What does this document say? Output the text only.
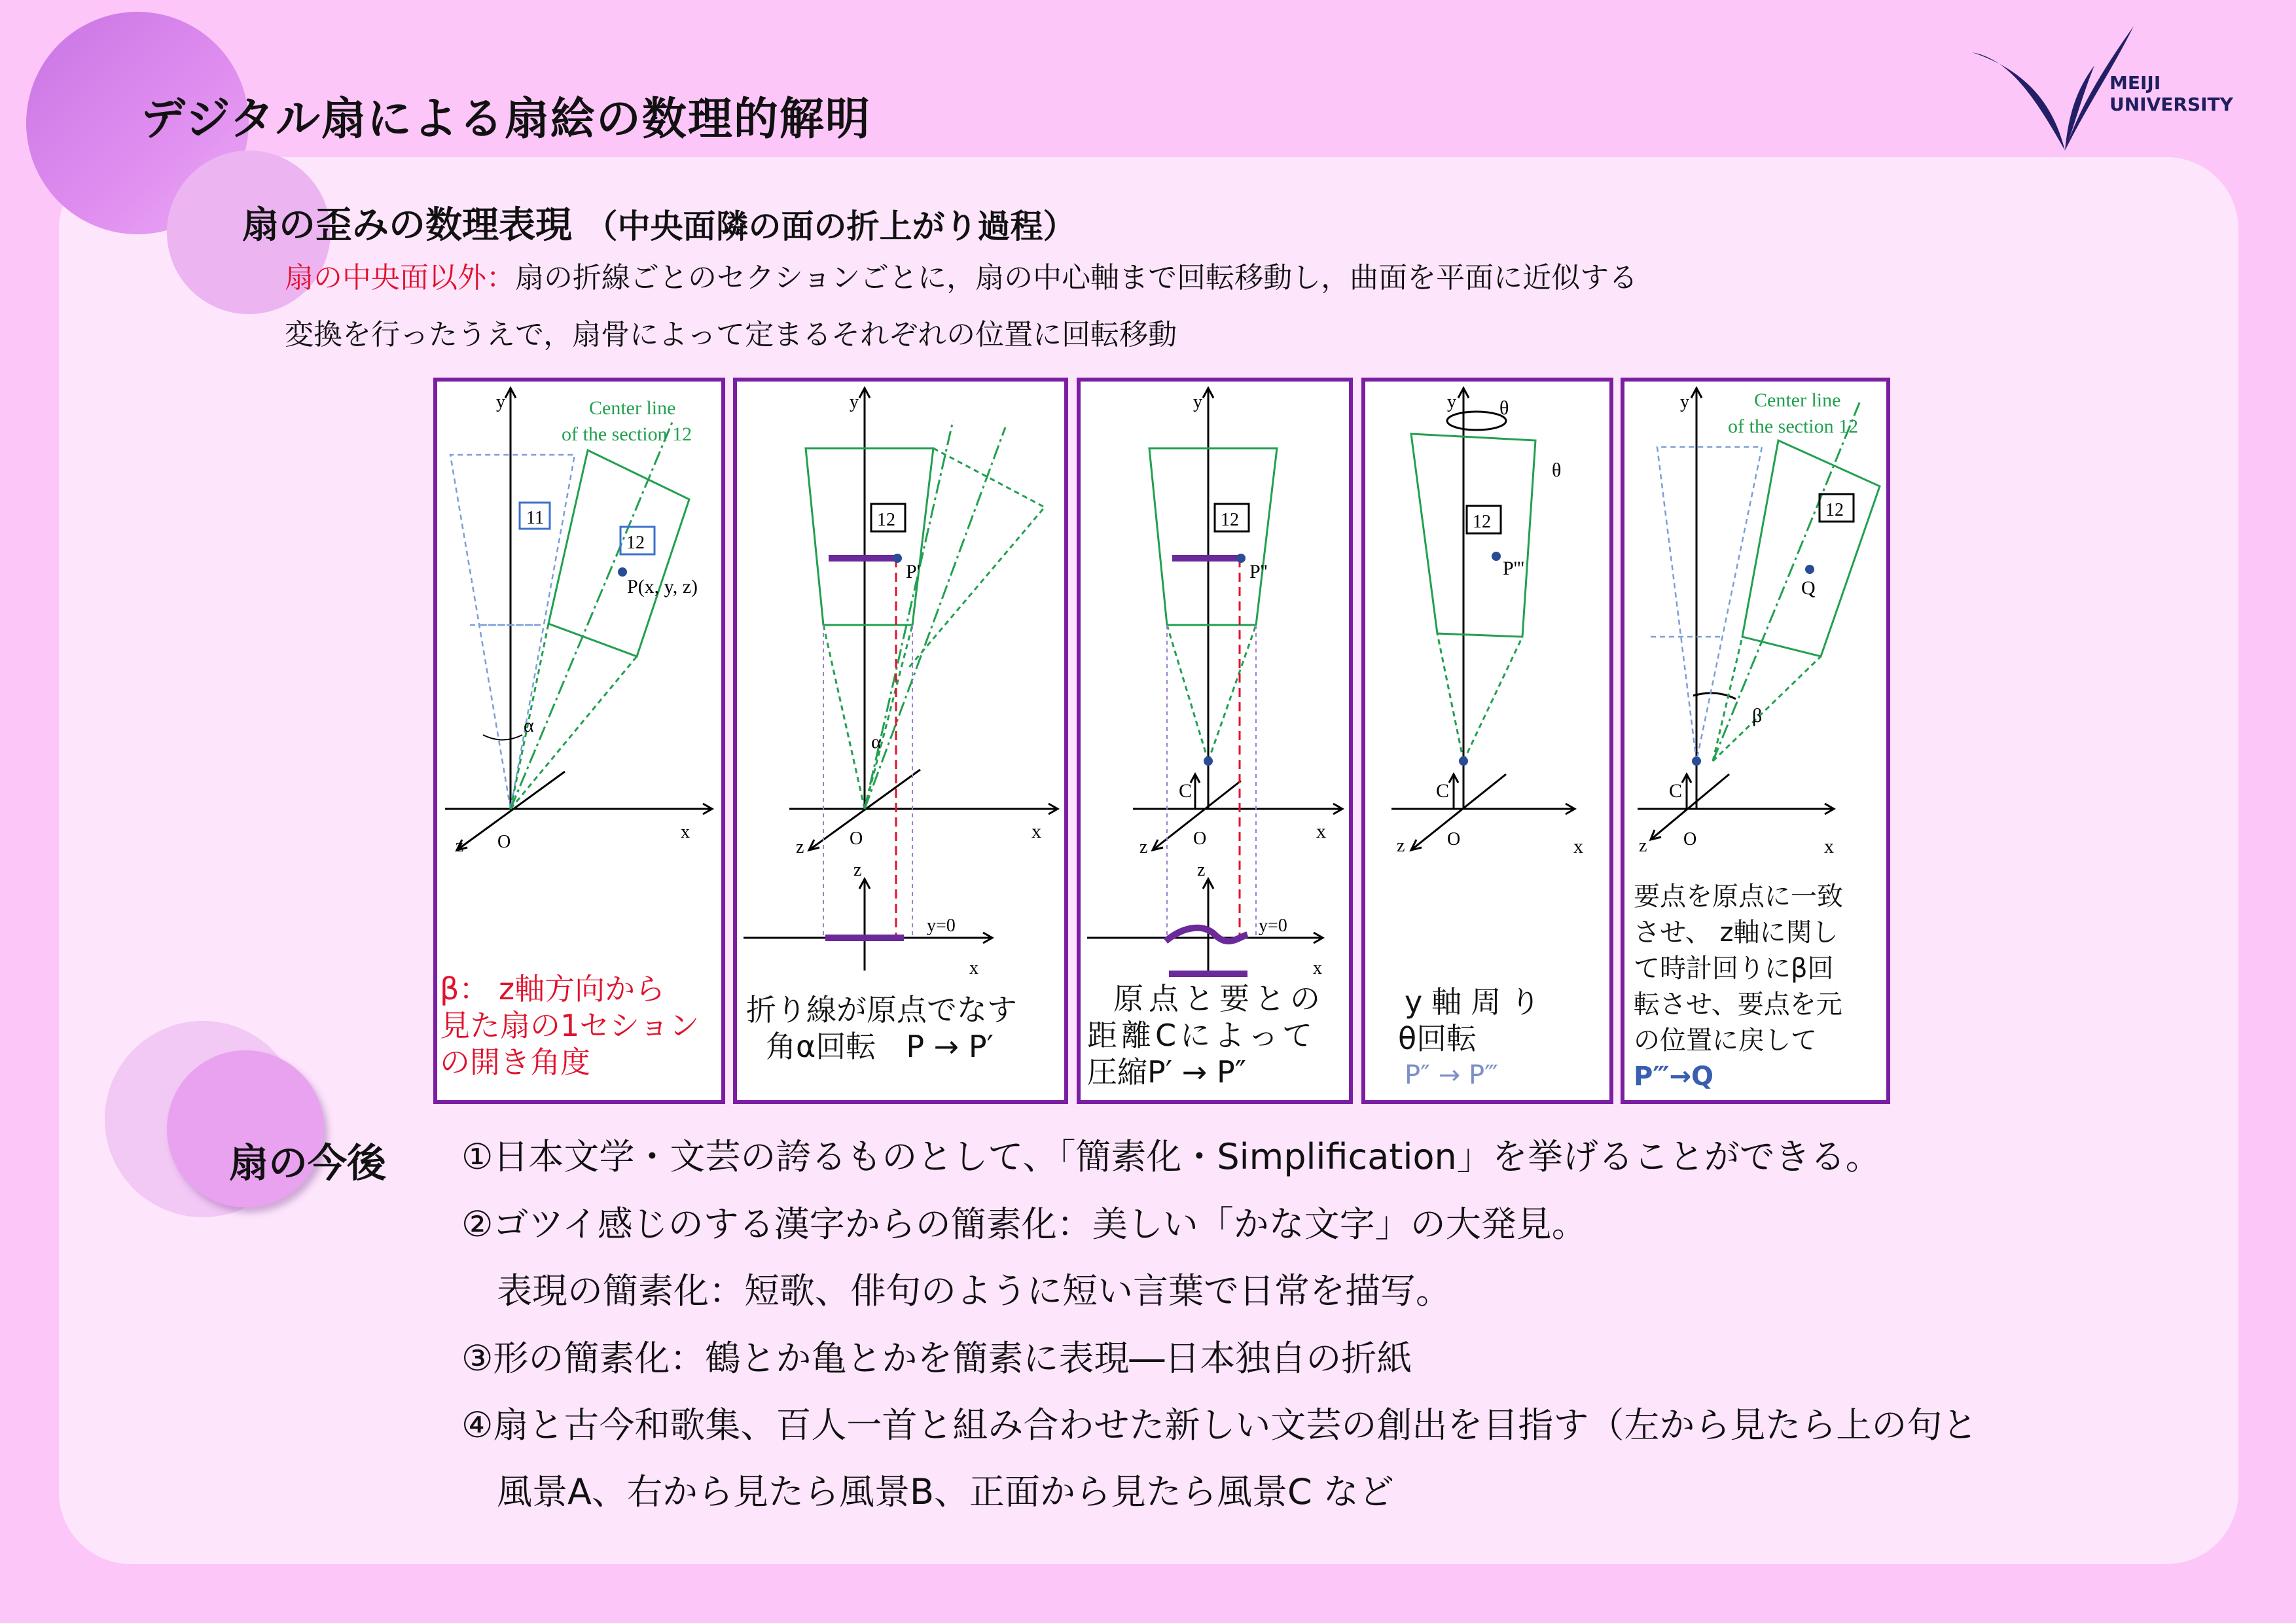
デジタル扇による扇絵の数理的解明
MEIJI
UNIVERSITY
扇の歪みの数理表現 （中央面隣の面の折上がり過程）
扇の中央面以外：扇の折線ごとのセクションごとに，扇の中心軸まで回転移動し，曲面を平面に近似する
変換を行ったうえで，扇骨によって定まるそれぞれの位置に回転移動
Center line
of the section 12
11
12
P(x, y, z)
α
y
x
z O
β： z軸方向から
見た扇の1セション
の開き角度
12
P'
α
y
x
z O
y=0
z
x
折り線が原点でなす
角α回転　P → P′
12
P''
C
y
x
z O
y=0
z
x
原点と要との
距離Cによって
圧縮P′ → P″
12
P'''
θ
θ
C
y
x
z O
y軸周り
θ回転
P″ → P‴
Center line
of the section 12
12
Q
β
C
y
x
z O
要点を原点に一致
させ、 z軸に関し
て時計回りにβ回
転させ、要点を元
の位置に戻して
P‴→Q
扇の今後 ①日本文学・文芸の誇るものとして、「簡素化・Simplification」を挙げることができる。
②ゴツイ感じのする漢字からの簡素化：美しい「かな文字」の大発見。
　表現の簡素化：短歌、俳句のように短い言葉で日常を描写。
③形の簡素化：鶴とか亀とかを簡素に表現―日本独自の折紙
④扇と古今和歌集、百人一首と組み合わせた新しい文芸の創出を目指す（左から見たら上の句と
　風景A、右から見たら風景B、正面から見たら風景C など
